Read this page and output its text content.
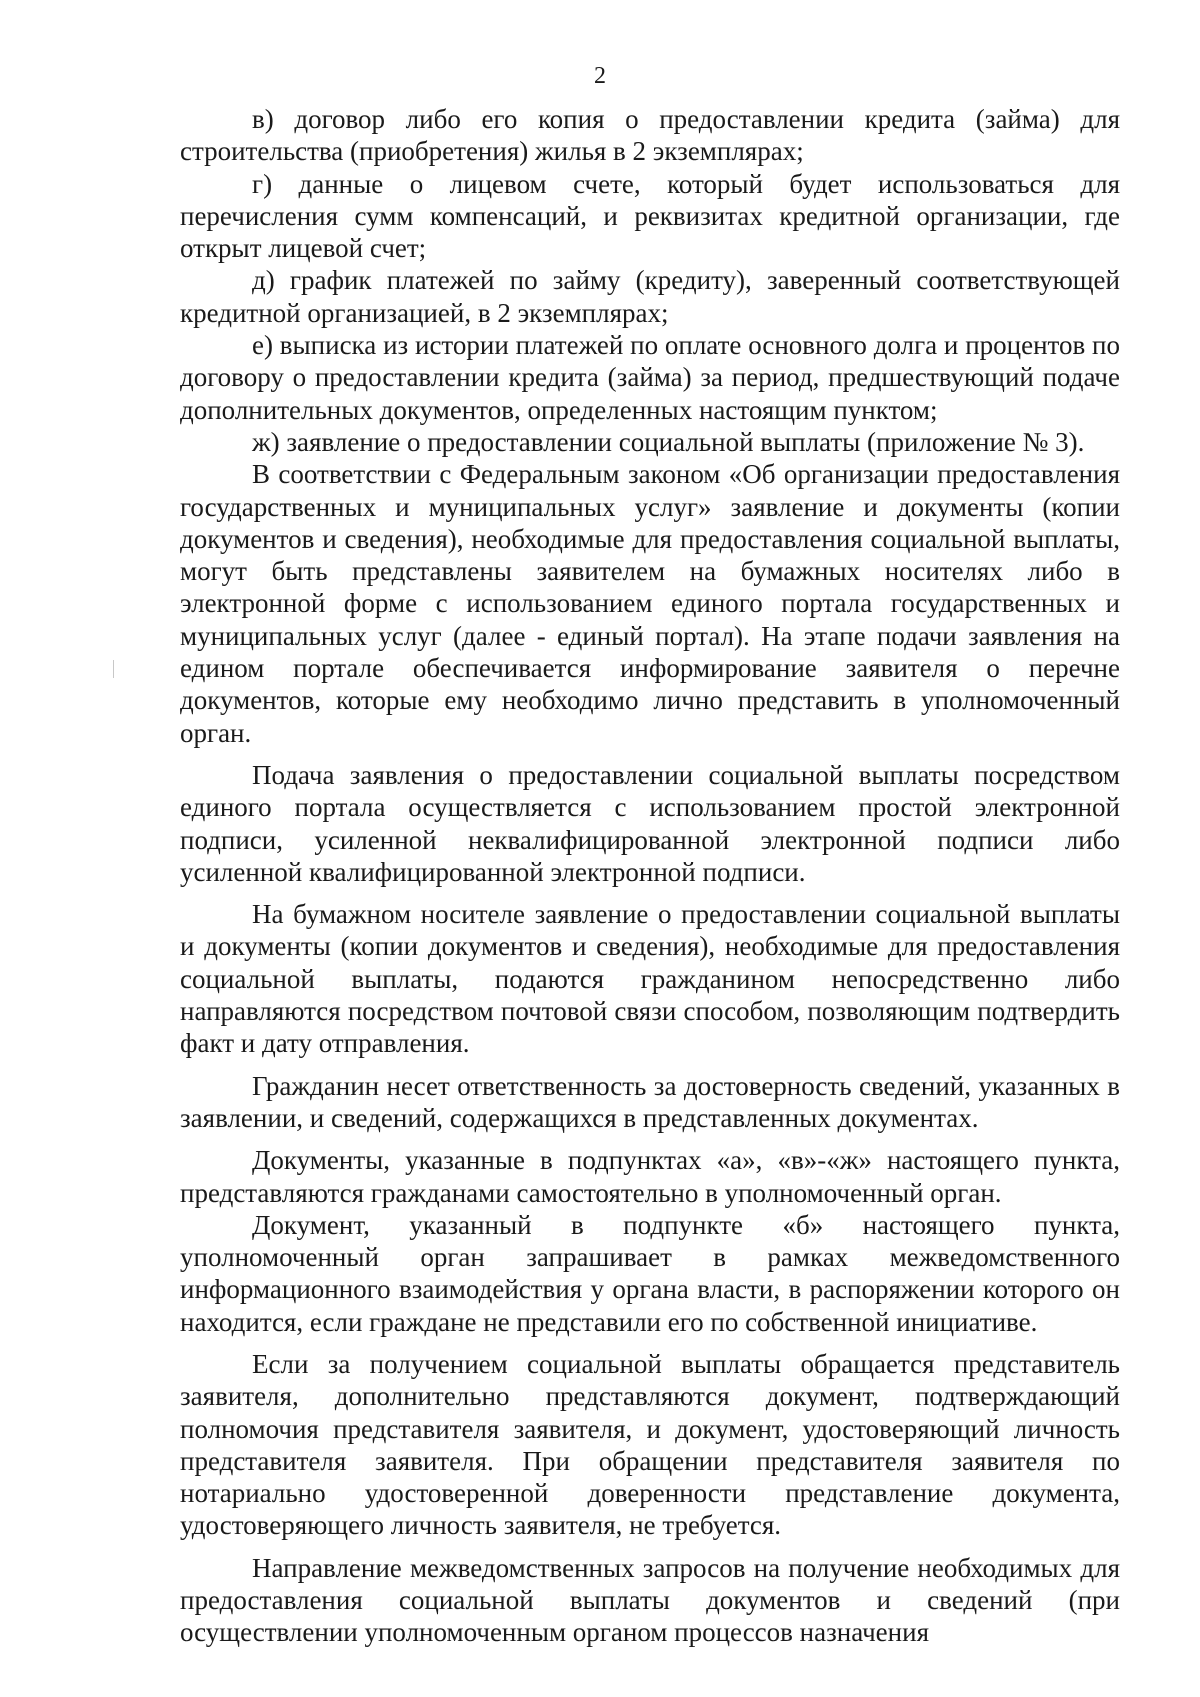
2

в) договор либо его копия о предоставлении кредита (займа) для строительства (приобретения) жилья в 2 экземплярах;

г) данные о лицевом счете, который будет использоваться для перечисления сумм компенсаций, и реквизитах кредитной организации, где открыт лицевой счет;

д) график платежей по займу (кредиту), заверенный соответствующей кредитной организацией, в 2 экземплярах;

е) выписка из истории платежей по оплате основного долга и процентов по договору о предоставлении кредита (займа) за период, предшествующий подаче дополнительных документов, определенных настоящим пунктом;

ж) заявление о предоставлении социальной выплаты (приложение № 3).

В соответствии с Федеральным законом «Об организации предоставления государственных и муниципальных услуг» заявление и документы (копии документов и сведения), необходимые для предоставления социальной выплаты, могут быть представлены заявителем на бумажных носителях либо в электронной форме с использованием единого портала государственных и муниципальных услуг (далее - единый портал). На этапе подачи заявления на едином портале обеспечивается информирование заявителя о перечне документов, которые ему необходимо лично представить в уполномоченный орган.

Подача заявления о предоставлении социальной выплаты посредством единого портала осуществляется с использованием простой электронной подписи, усиленной неквалифицированной электронной подписи либо усиленной квалифицированной электронной подписи.

На бумажном носителе заявление о предоставлении социальной выплаты и документы (копии документов и сведения), необходимые для предоставления социальной выплаты, подаются гражданином непосредственно либо направляются посредством почтовой связи способом, позволяющим подтвердить факт и дату отправления.

Гражданин несет ответственность за достоверность сведений, указанных в заявлении, и сведений, содержащихся в представленных документах.

Документы, указанные в подпунктах «а», «в»-«ж» настоящего пункта, представляются гражданами самостоятельно в уполномоченный орган.

Документ, указанный в подпункте «б» настоящего пункта, уполномоченный орган запрашивает в рамках межведомственного информационного взаимодействия у органа власти, в распоряжении которого он находится, если граждане не представили его по собственной инициативе.

Если за получением социальной выплаты обращается представитель заявителя, дополнительно представляются документ, подтверждающий полномочия представителя заявителя, и документ, удостоверяющий личность представителя заявителя. При обращении представителя заявителя по нотариально удостоверенной доверенности представление документа, удостоверяющего личность заявителя, не требуется.

Направление межведомственных запросов на получение необходимых для предоставления социальной выплаты документов и сведений (при осуществлении уполномоченным органом процессов назначения
